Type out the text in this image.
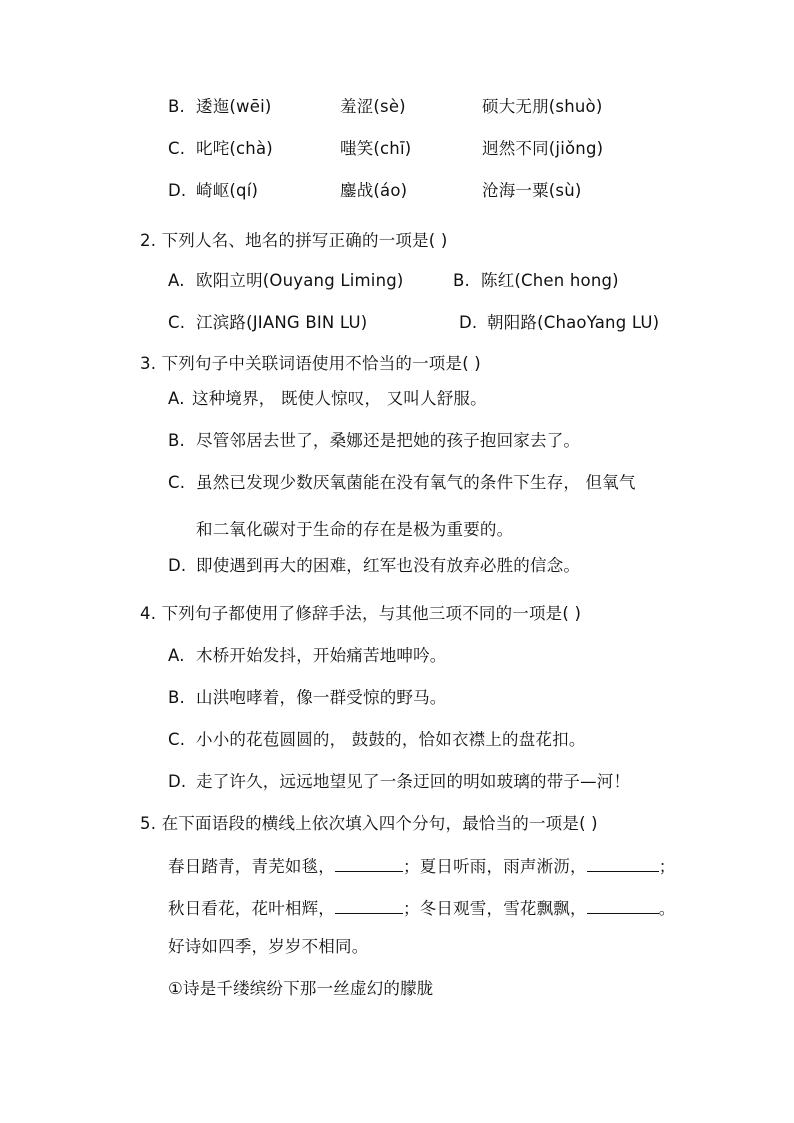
B. 逶迤(wēi)	羞涩(sè)	硕大无朋(shuò)
C. 叱咤(chà)	嗤笑(chī)	迥然不同(jiǒng)
D. 崎岖(qí)	鏖战(áo)	沧海一粟(sù)
2. 下列人名、地名的拼写正确的一项是( )
A. 欧阳立明(Ouyang Liming)	B. 陈红(Chen hong)
C. 江滨路(JIANG BIN LU)	D. 朝阳路(ChaoYang LU)
3. 下列句子中关联词语使用不恰当的一项是( )
A. 这种境界， 既使人惊叹， 又叫人舒服。
B. 尽管邻居去世了，桑娜还是把她的孩子抱回家去了。
C. 虽然已发现少数厌氧菌能在没有氧气的条件下生存， 但氧气
和二氧化碳对于生命的存在是极为重要的。
D. 即使遇到再大的困难，红军也没有放弃必胜的信念。
4. 下列句子都使用了修辞手法，与其他三项不同的一项是( )
A. 木桥开始发抖，开始痛苦地呻吟。
B. 山洪咆哮着，像一群受惊的野马。
C. 小小的花苞圆圆的， 鼓鼓的，恰如衣襟上的盘花扣。
D. 走了许久，远远地望见了一条迂回的明如玻璃的带子—河！
5. 在下面语段的横线上依次填入四个分句，最恰当的一项是( )
春日踏青，青芜如毯，	；夏日听雨，雨声淅沥，	；
秋日看花，花叶相辉，	；冬日观雪，雪花飘飘，	。
好诗如四季，岁岁不相同。
①诗是千缕缤纷下那一丝虚幻的朦胧
